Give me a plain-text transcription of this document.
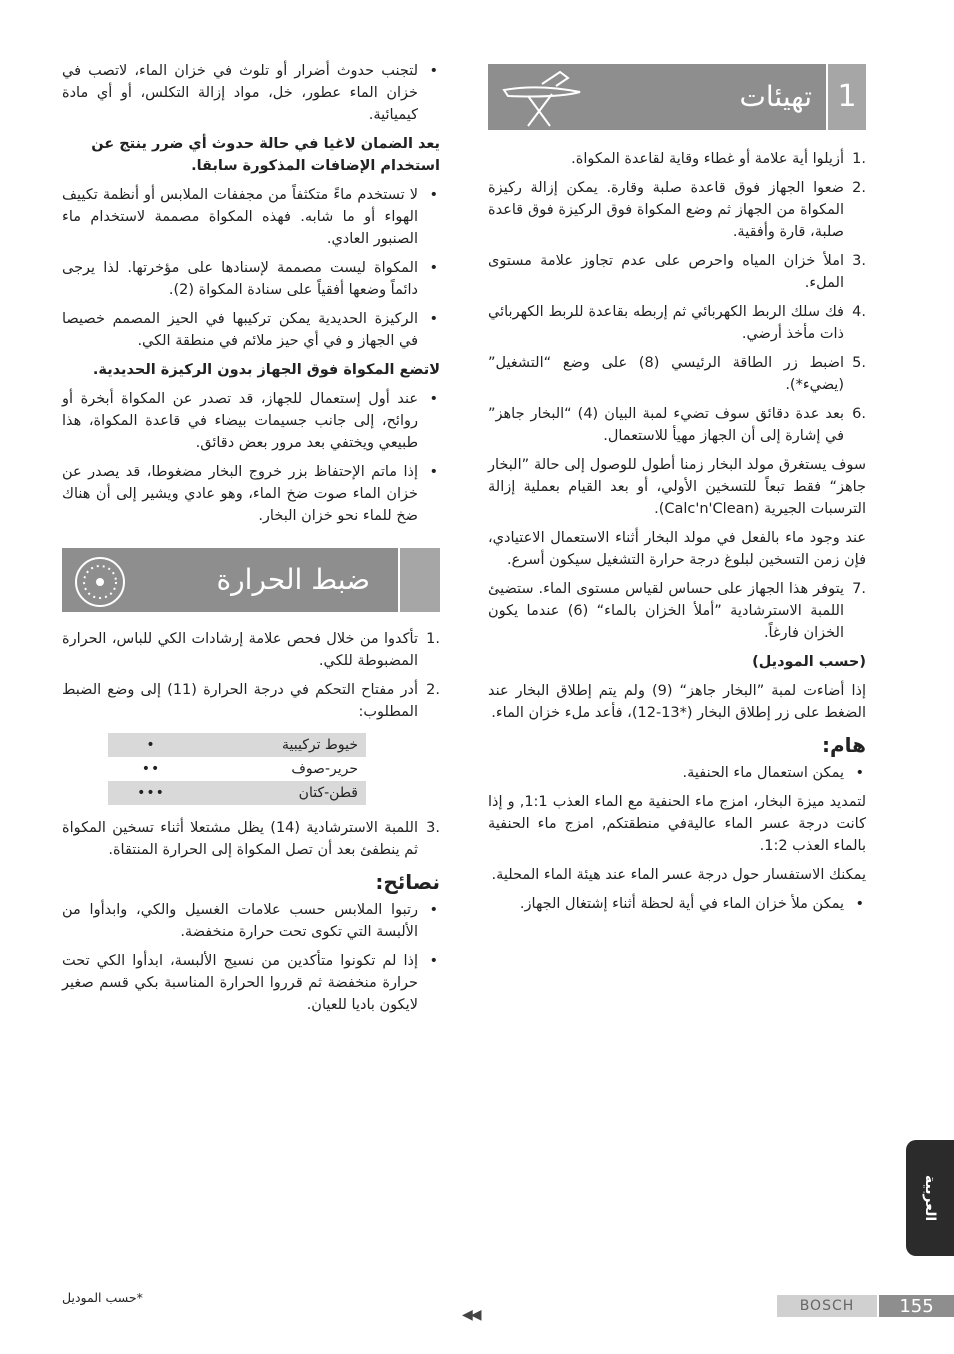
1
تهيئات
1.
أزيلوا أية علامة أو غطاء وقاية لقاعدة المكواة.
2.
ضعوا الجهاز فوق قاعدة صلبة وقارة. يمكن إزالة ركيزة المكواة من الجهاز ثم وضع المكواة فوق الركيزة فوق قاعدة صلبة، قارة وأفقية.
3.
املأ خزان المياه واحرص على عدم تجاوز علامة مستوى الملء.
4.
فك سلك الربط الكهربائي ثم إربطه بقاعدة للربط الكهربائي ذات مأخذ أرضي.
5.
اضبط زر الطاقة الرئيسي (8) على وضع “التشغيل” (يضيء*).
6.
بعد عدة دقائق سوف تضيء لمبة البيان (4) “البخار جاهز” في إشارة إلى أن الجهاز مهيأ للاستعمال.

سوف يستغرق مولد البخار زمنا أطول للوصول إلى حالة ”البخار جاهز“ فقط تبعاً للتسخين الأولي، أو بعد القيام بعملية إزالة الترسبات الجيرية (Calc'n'Clean).

عند وجود ماء بالفعل في مولد البخار أثناء الاستعمال الاعتيادي، فإن زمن التسخين لبلوغ درجة حرارة التشغيل سيكون أسرع.

7.
يتوفر هذا الجهاز على حساس لقياس مستوى الماء. ستضيئ اللمبة الاسترشادية ”أملأ الخزان بالماء“ (6) عندما يكون الخزان فارغاً.
(حسب الموديل)

إذا أضاءت لمبة ”البخار جاهز“ (9) ولم يتم إطلاق البخار عند الضغط على زر إطلاق البخار (*13-12)، فأعد ملء خزان الماء.

هام:
• يمكن استعمال ماء الحنفية.

لتمديد ميزة البخار، امزج ماء الحنفية مع الماء العذب 1:1, و إذا كانت درجة عسر الماء عاليةفي منطقتكم, امزج ماء الحنفية بالماء العذب 1:2.

يمكنك الاستفسار حول درجة عسر الماء عند هيئة الماء المحلية.

• يمكن ملأ خزان الماء في أية لحظة أثناء إشتغال الجهاز.
• لتجنب حدوث أضرار أو تلوث في خزان الماء، لاتصب في خزان الماء عطور، خل، مواد إزالة التكلس، أو أي مادة كيميائية.
يعد الضمان لاغيا في حالة حدوث أي ضرر ينتج عن استخدام الإضافات المذكورة سابقا.
• لا تستخدم ماءً متكثفاً من مجففات الملابس أو أنظمة تكييف الهواء أو ما شابه. فهذه المكواة مصممة لاستخدام ماء الصنبور العادي.
• المكواة ليست مصممة لإسنادها على مؤخرتها. لذا يرجى دائماً وضعها أفقياً على سنادة المكواة (2).
• الركيزة الحديدية يمكن تركيبها في الحيز المصمم خصيصا في الجهاز و في أي حيز ملائم في منطقة الكي.
لاتضع المكواة فوق الجهاز بدون الركيزة الحديدية.
• عند أول إستعمال للجهاز، قد تصدر عن المكواة أبخرة أو روائح، إلى جانب جسيمات بيضاء في قاعدة المكواة، هذا طبيعي ويختفي بعد مرور بعض دقائق.
• إذا ماتم الإحتفاظ بزر خروج البخار مضغوطا، قد يصدر عن خزان الماء صوت ضخ الماء، وهو عادي ويشير إلى أن هناك ضخ للماء نحو خزان البخار.
ضبط الحرارة
1.
تأكدوا من خلال فحص علامة إرشادات الكي للباس، الحرارة المضبوطة للكي.
2.
أدر مفتاح التحكم في درجة الحرارة (11) إلى وضع الضبط المطلوب:
خيوط تركيبية	•
حرير-صوف	••
قطن-كتان	•••
3.
اللمبة الاسترشادية (14) يظل مشتعلا أثناء تسخين المكواة ثم ينطفئ بعد أن تصل المكواة إلى الحرارة المنتقاة.
نصائح:
• رتبوا الملابس حسب علامات الغسيل والكي، وابدأوا من الألبسة التي تكوى تحت حرارة منخفضة.
• إذا لم تكونوا متأكدين من نسيج الألبسة، ابدأوا الكي تحت حرارة منخفضة ثم قرروا الحرارة المناسبة بكي قسم صغير لايكون باديا للعيان.
العربية
*حسب الموديل
◀◀
BOSCH	155
